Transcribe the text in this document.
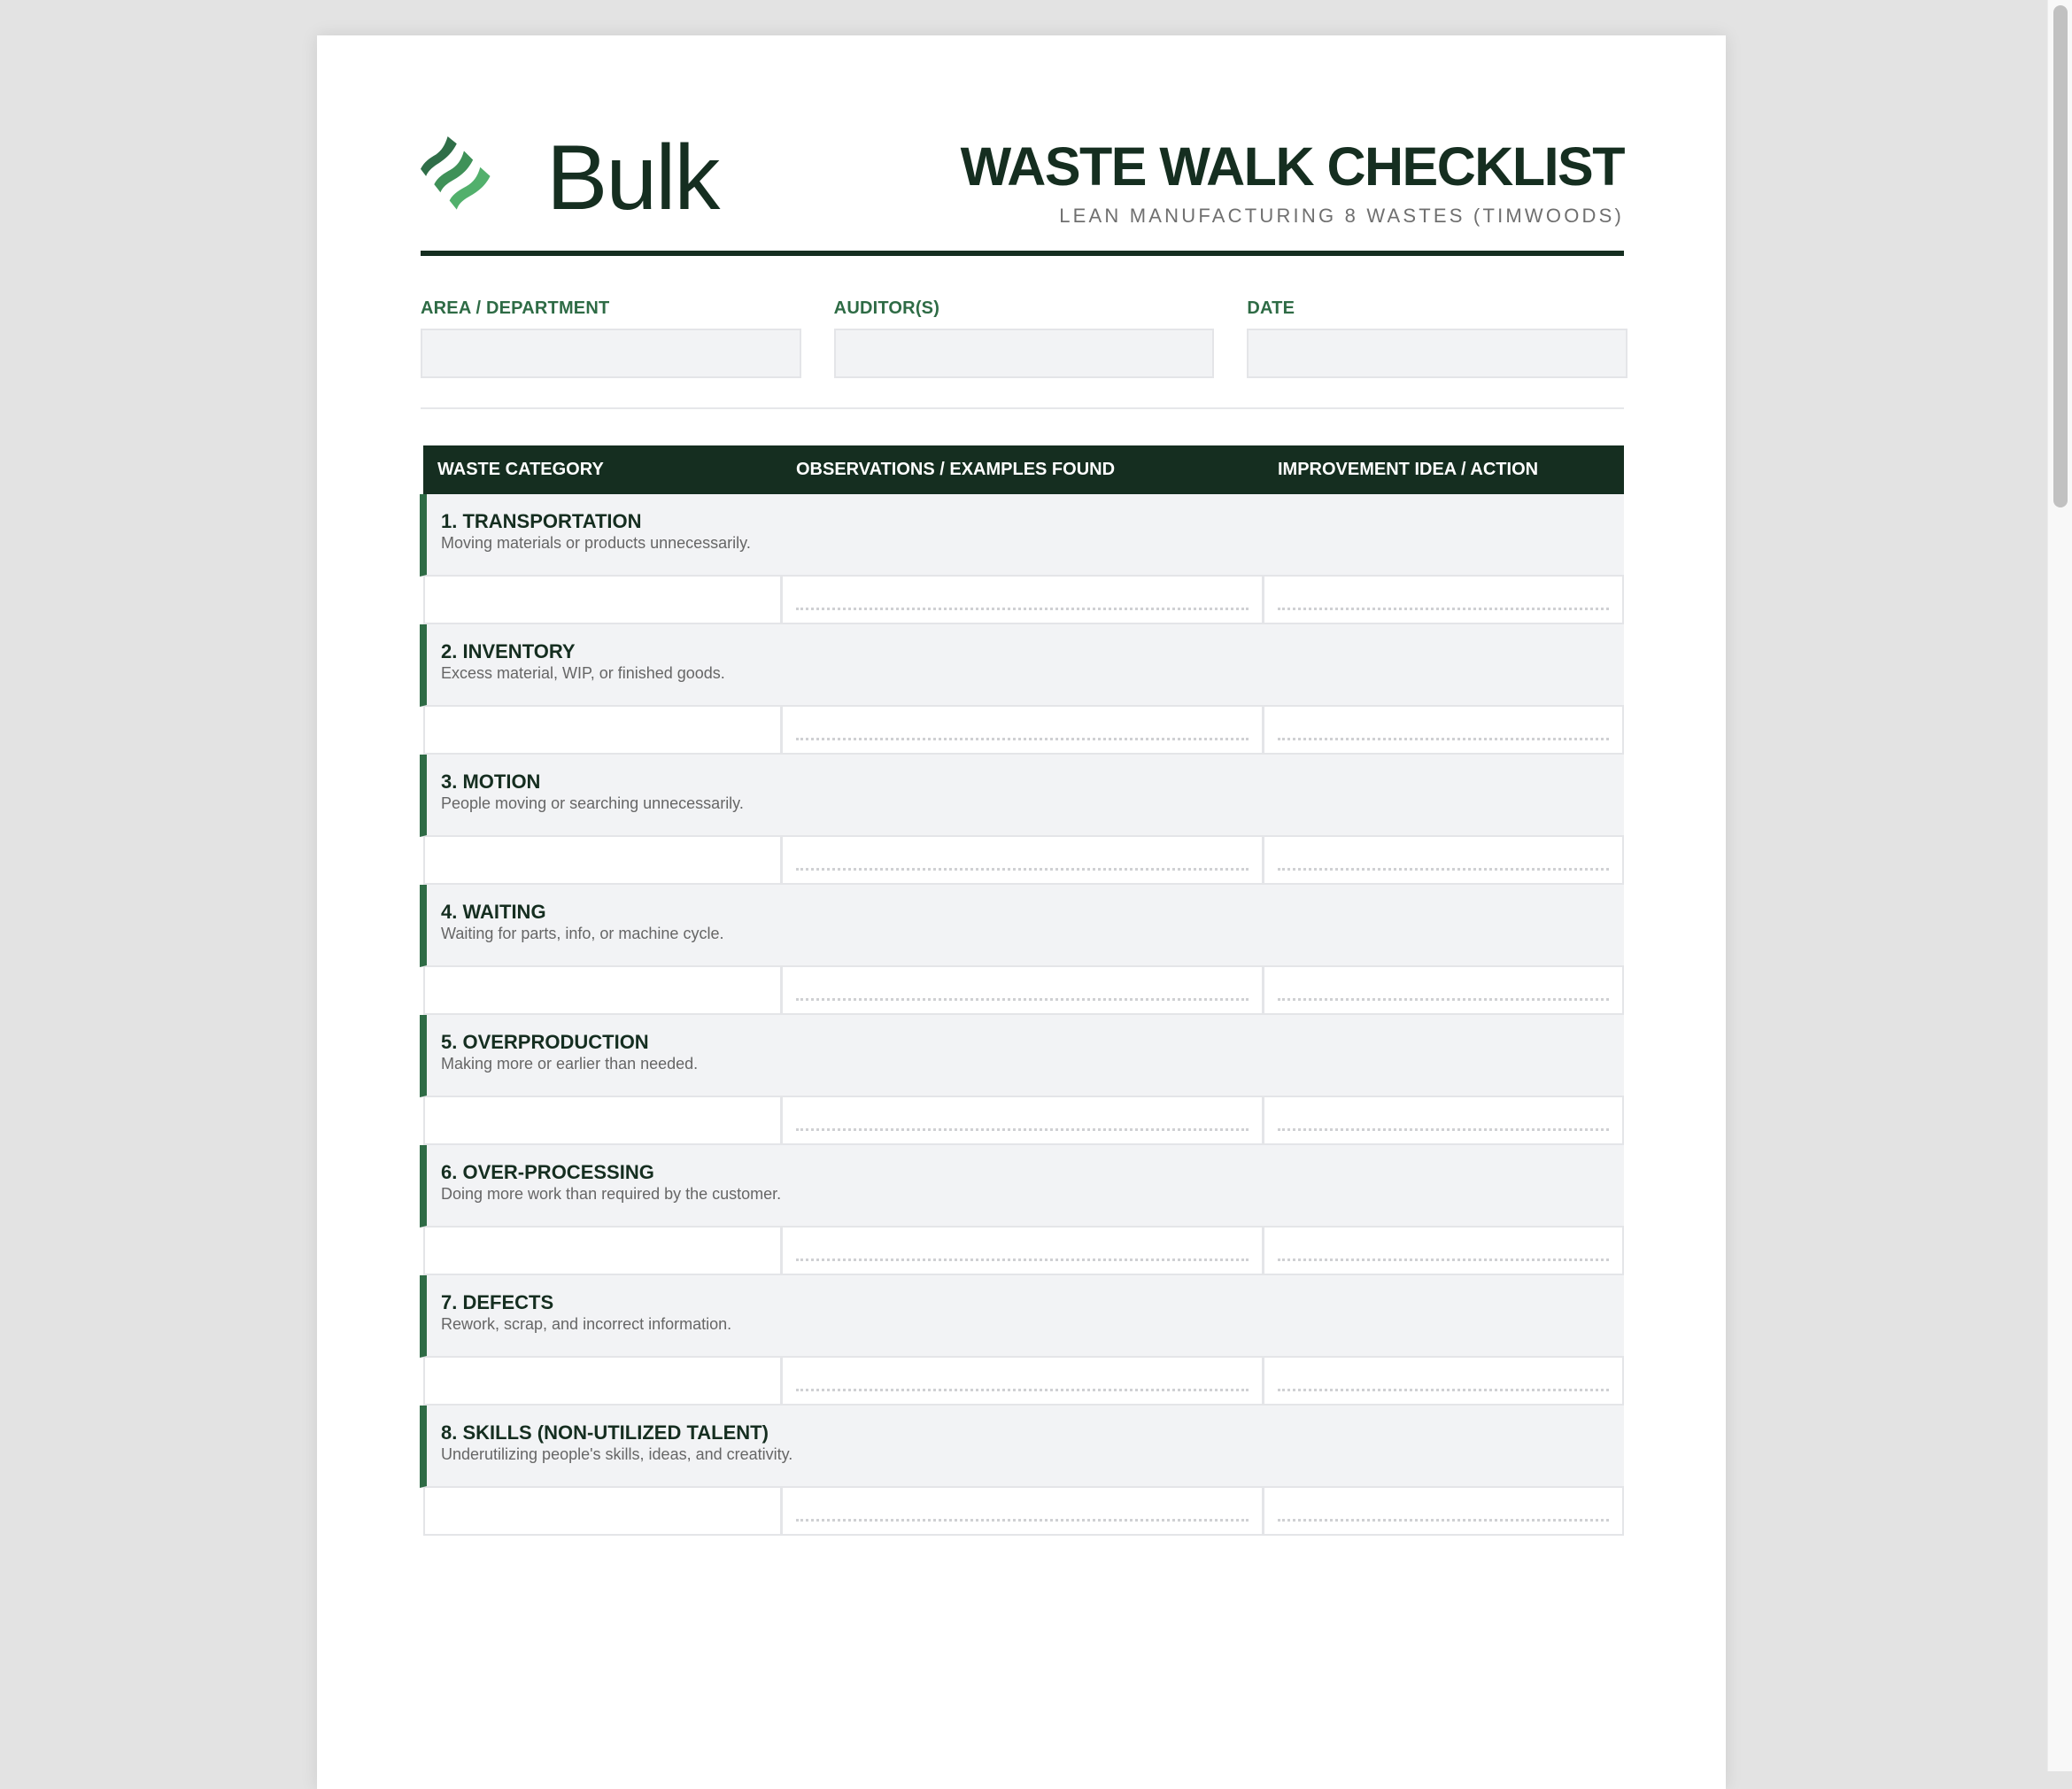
Bulk	WASTE WALK CHECKLIST
LEAN MANUFACTURING 8 WASTES (TIMWOODS)
AREA / DEPARTMENT	AUDITOR(S)	DATE
WASTE CATEGORY	OBSERVATIONS / EXAMPLES FOUND	IMPROVEMENT IDEA / ACTION
1. TRANSPORTATION
Moving materials or products unnecessarily.
2. INVENTORY
Excess material, WIP, or finished goods.
3. MOTION
People moving or searching unnecessarily.
4. WAITING
Waiting for parts, info, or machine cycle.
5. OVERPRODUCTION
Making more or earlier than needed.
6. OVER-PROCESSING
Doing more work than required by the customer.
7. DEFECTS
Rework, scrap, and incorrect information.
8. SKILLS (NON-UTILIZED TALENT)
Underutilizing people's skills, ideas, and creativity.
